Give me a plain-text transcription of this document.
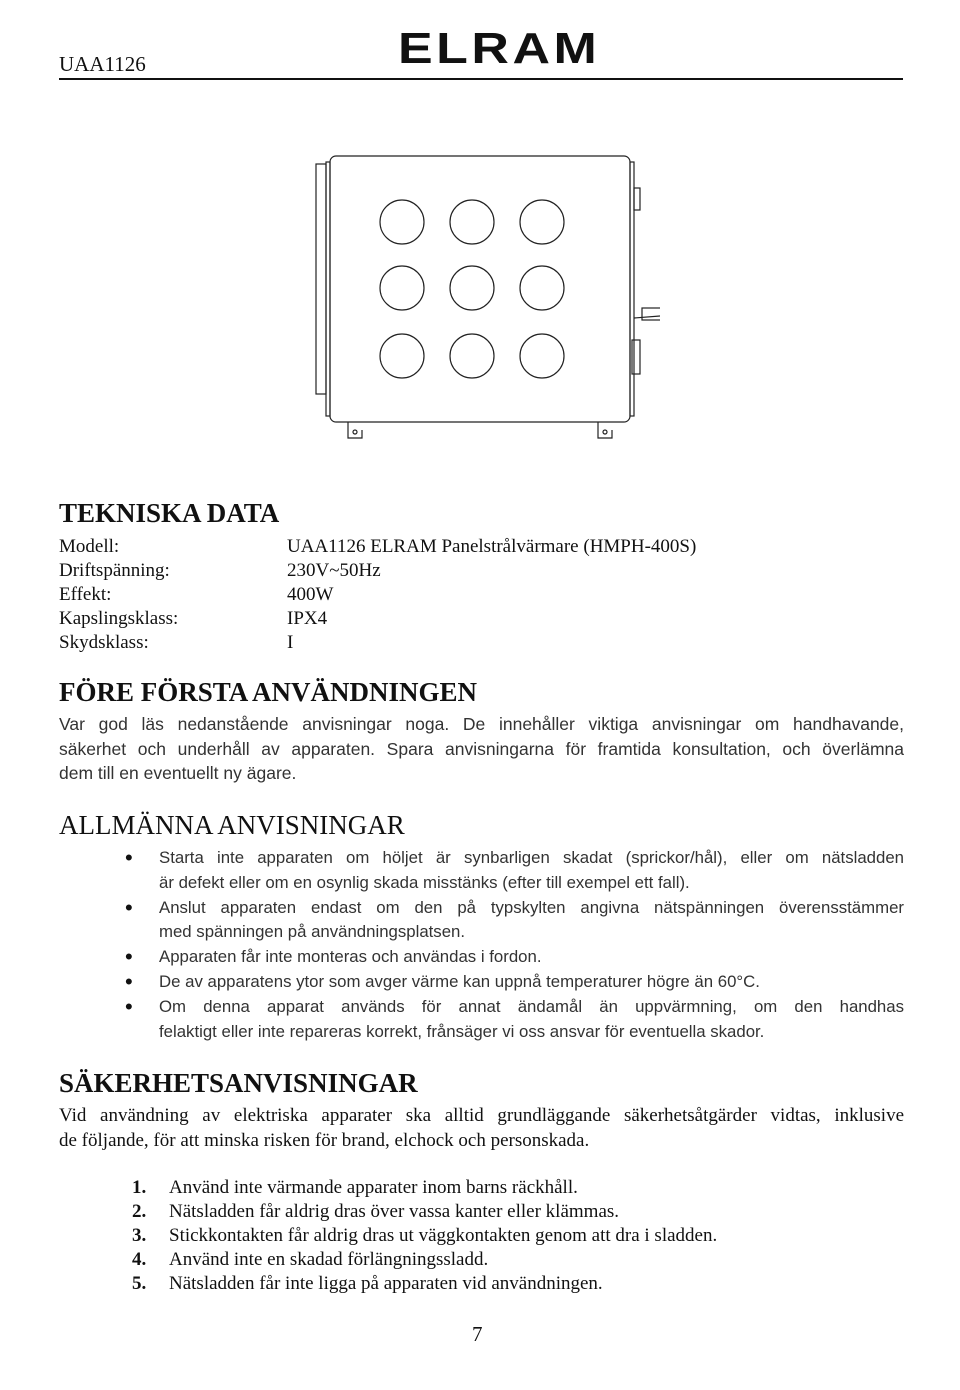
UAA1126	ELRAM
TEKNISKA DATA
Modell:	UAA1126 ELRAM Panelstrålvärmare (HMPH-400S)
Driftspänning:	230V~50Hz
Effekt:	400W
Kapslingsklass:	IPX4
Skydsklass:	I
FÖRE FÖRSTA ANVÄNDNINGEN
Var god läs nedanstående anvisningar noga. De innehåller viktiga anvisningar om handhavande,
säkerhet och underhåll av apparaten. Spara anvisningarna för framtida konsultation, och överlämna
dem till en eventuellt ny ägare.
ALLMÄNNA ANVISNINGAR
• Starta inte apparaten om höljet är synbarligen skadat (sprickor/hål), eller om nätsladden
är defekt eller om en osynlig skada misstänks (efter till exempel ett fall).
• Anslut apparaten endast om den på typskylten angivna nätspänningen överensstämmer
med spänningen på användningsplatsen.
• Apparaten får inte monteras och användas i fordon.
• De av apparatens ytor som avger värme kan uppnå temperaturer högre än 60°C.
• Om denna apparat används för annat ändamål än uppvärmning, om den handhas
felaktigt eller inte repareras korrekt, frånsäger vi oss ansvar för eventuella skador.
SÄKERHETSANVISNINGAR
Vid användning av elektriska apparater ska alltid grundläggande säkerhetsåtgärder vidtas, inklusive
de följande, för att minska risken för brand, elchock och personskada.
1. Använd inte värmande apparater inom barns räckhåll.
2. Nätsladden får aldrig dras över vassa kanter eller klämmas.
3. Stickkontakten får aldrig dras ut väggkontakten genom att dra i sladden.
4. Använd inte en skadad förlängningssladd.
5. Nätsladden får inte ligga på apparaten vid användningen.
7
